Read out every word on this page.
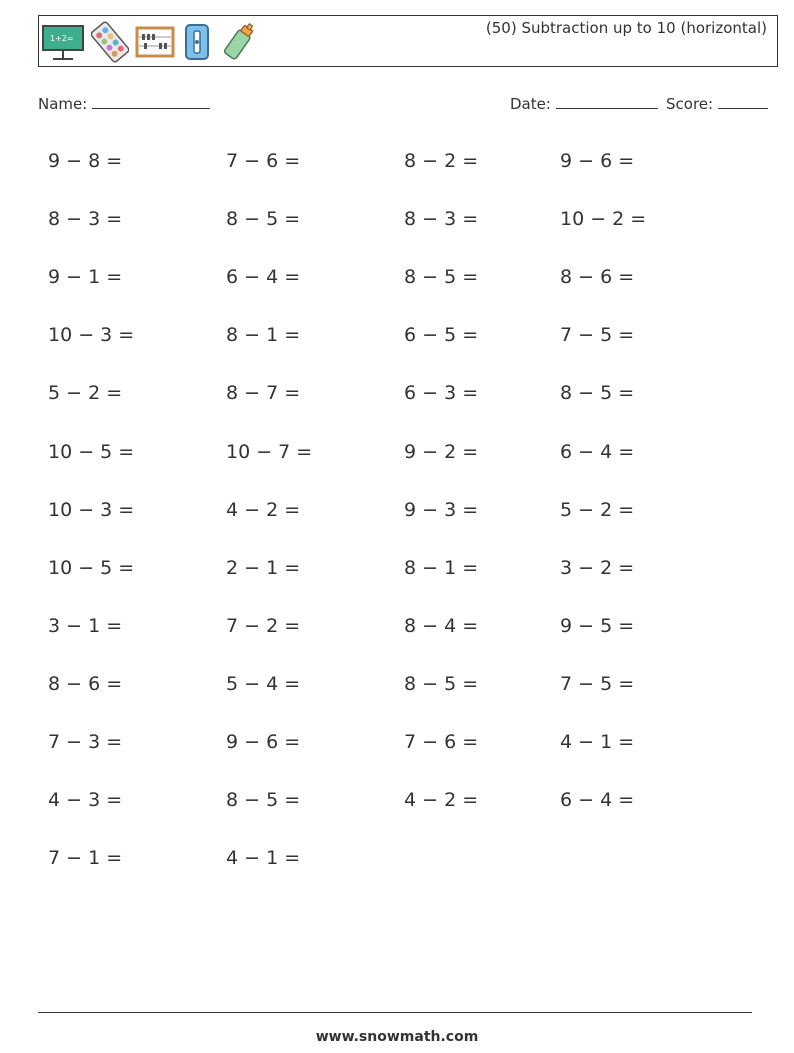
1+2=
(50) Subtraction up to 10 (horizontal)
Name:	Date:	Score:
9 − 8 =	7 − 6 =	8 − 2 =	9 − 6 =
8 − 3 =	8 − 5 =	8 − 3 =	10 − 2 =
9 − 1 =	6 − 4 =	8 − 5 =	8 − 6 =
10 − 3 =	8 − 1 =	6 − 5 =	7 − 5 =
5 − 2 =	8 − 7 =	6 − 3 =	8 − 5 =
10 − 5 =	10 − 7 =	9 − 2 =	6 − 4 =
10 − 3 =	4 − 2 =	9 − 3 =	5 − 2 =
10 − 5 =	2 − 1 =	8 − 1 =	3 − 2 =
3 − 1 =	7 − 2 =	8 − 4 =	9 − 5 =
8 − 6 =	5 − 4 =	8 − 5 =	7 − 5 =
7 − 3 =	9 − 6 =	7 − 6 =	4 − 1 =
4 − 3 =	8 − 5 =	4 − 2 =	6 − 4 =
7 − 1 =	4 − 1 =
www.snowmath.com
